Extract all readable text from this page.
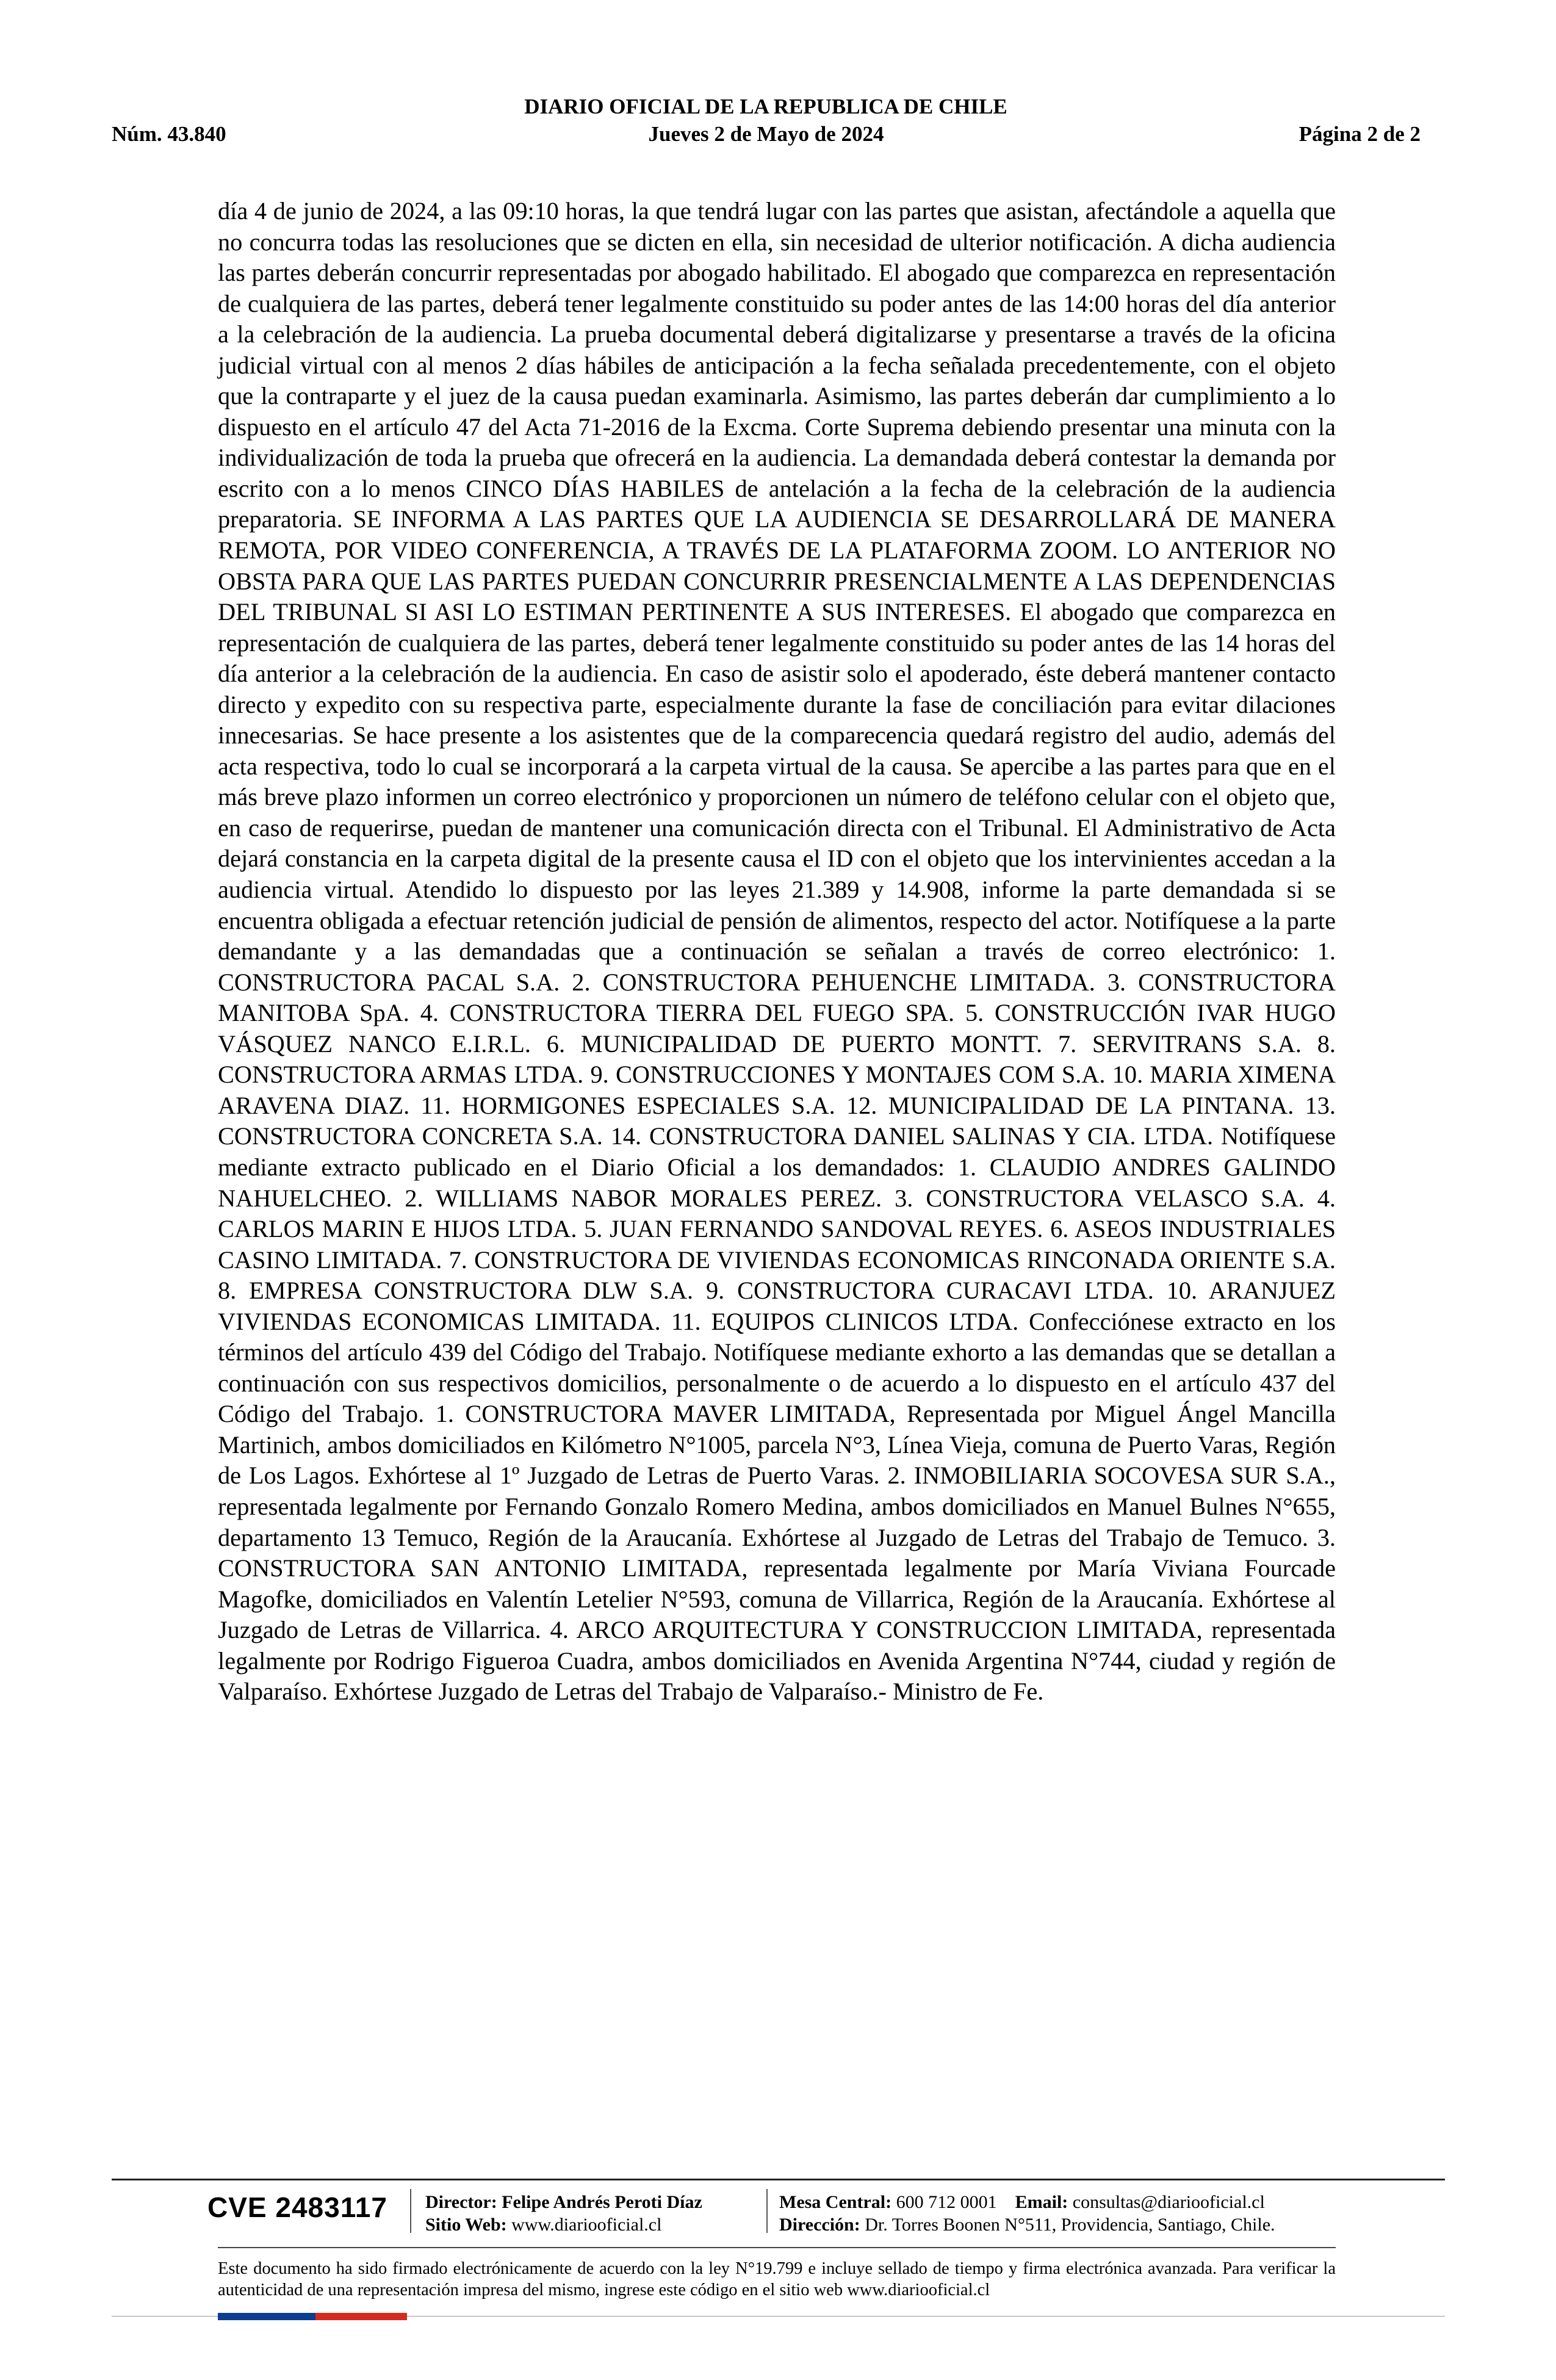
DIARIO OFICIAL DE LA REPUBLICA DE CHILE
Jueves 2 de Mayo de 2024
Núm. 43.840	Página 2 de 2

día 4 de junio de 2024, a las 09:10 horas, la que tendrá lugar con las partes que asistan, afectándole a aquella que no concurra todas las resoluciones que se dicten en ella, sin necesidad de ulterior notificación. A dicha audiencia las partes deberán concurrir representadas por abogado habilitado. El abogado que comparezca en representación de cualquiera de las partes, deberá tener legalmente constituido su poder antes de las 14:00 horas del día anterior a la celebración de la audiencia. La prueba documental deberá digitalizarse y presentarse a través de la oficina judicial virtual con al menos 2 días hábiles de anticipación a la fecha señalada precedentemente, con el objeto que la contraparte y el juez de la causa puedan examinarla. Asimismo, las partes deberán dar cumplimiento a lo dispuesto en el artículo 47 del Acta 71-2016 de la Excma. Corte Suprema debiendo presentar una minuta con la individualización de toda la prueba que ofrecerá en la audiencia. La demandada deberá contestar la demanda por escrito con a lo menos CINCO DÍAS HABILES de antelación a la fecha de la celebración de la audiencia preparatoria. SE INFORMA A LAS PARTES QUE LA AUDIENCIA SE DESARROLLARÁ DE MANERA REMOTA, POR VIDEO CONFERENCIA, A TRAVÉS DE LA PLATAFORMA ZOOM. LO ANTERIOR NO OBSTA PARA QUE LAS PARTES PUEDAN CONCURRIR PRESENCIALMENTE A LAS DEPENDENCIAS DEL TRIBUNAL SI ASI LO ESTIMAN PERTINENTE A SUS INTERESES. El abogado que comparezca en representación de cualquiera de las partes, deberá tener legalmente constituido su poder antes de las 14 horas del día anterior a la celebración de la audiencia. En caso de asistir solo el apoderado, éste deberá mantener contacto directo y expedito con su respectiva parte, especialmente durante la fase de conciliación para evitar dilaciones innecesarias. Se hace presente a los asistentes que de la comparecencia quedará registro del audio, además del acta respectiva, todo lo cual se incorporará a la carpeta virtual de la causa. Se apercibe a las partes para que en el más breve plazo informen un correo electrónico y proporcionen un número de teléfono celular con el objeto que, en caso de requerirse, puedan de mantener una comunicación directa con el Tribunal. El Administrativo de Acta dejará constancia en la carpeta digital de la presente causa el ID con el objeto que los intervinientes accedan a la audiencia virtual. Atendido lo dispuesto por las leyes 21.389 y 14.908, informe la parte demandada si se encuentra obligada a efectuar retención judicial de pensión de alimentos, respecto del actor. Notifíquese a la parte demandante y a las demandadas que a continuación se señalan a través de correo electrónico: 1. CONSTRUCTORA PACAL S.A. 2. CONSTRUCTORA PEHUENCHE LIMITADA. 3. CONSTRUCTORA MANITOBA SpA. 4. CONSTRUCTORA TIERRA DEL FUEGO SPA. 5. CONSTRUCCIÓN IVAR HUGO VÁSQUEZ NANCO E.I.R.L. 6. MUNICIPALIDAD DE PUERTO MONTT. 7. SERVITRANS S.A. 8. CONSTRUCTORA ARMAS LTDA. 9. CONSTRUCCIONES Y MONTAJES COM S.A. 10. MARIA XIMENA ARAVENA DIAZ. 11. HORMIGONES ESPECIALES S.A. 12. MUNICIPALIDAD DE LA PINTANA. 13. CONSTRUCTORA CONCRETA S.A. 14. CONSTRUCTORA DANIEL SALINAS Y CIA. LTDA. Notifíquese mediante extracto publicado en el Diario Oficial a los demandados: 1. CLAUDIO ANDRES GALINDO NAHUELCHEO. 2. WILLIAMS NABOR MORALES PEREZ. 3. CONSTRUCTORA VELASCO S.A. 4. CARLOS MARIN E HIJOS LTDA. 5. JUAN FERNANDO SANDOVAL REYES. 6. ASEOS INDUSTRIALES CASINO LIMITADA. 7. CONSTRUCTORA DE VIVIENDAS ECONOMICAS RINCONADA ORIENTE S.A. 8. EMPRESA CONSTRUCTORA DLW S.A. 9. CONSTRUCTORA CURACAVI LTDA. 10. ARANJUEZ VIVIENDAS ECONOMICAS LIMITADA. 11. EQUIPOS CLINICOS LTDA. Confecciónese extracto en los términos del artículo 439 del Código del Trabajo. Notifíquese mediante exhorto a las demandas que se detallan a continuación con sus respectivos domicilios, personalmente o de acuerdo a lo dispuesto en el artículo 437 del Código del Trabajo. 1. CONSTRUCTORA MAVER LIMITADA, Representada por Miguel Ángel Mancilla Martinich, ambos domiciliados en Kilómetro N°1005, parcela N°3, Línea Vieja, comuna de Puerto Varas, Región de Los Lagos. Exhórtese al 1º Juzgado de Letras de Puerto Varas. 2. INMOBILIARIA SOCOVESA SUR S.A., representada legalmente por Fernando Gonzalo Romero Medina, ambos domiciliados en Manuel Bulnes N°655, departamento 13 Temuco, Región de la Araucanía. Exhórtese al Juzgado de Letras del Trabajo de Temuco. 3. CONSTRUCTORA SAN ANTONIO LIMITADA, representada legalmente por María Viviana Fourcade Magofke, domiciliados en Valentín Letelier N°593, comuna de Villarrica, Región de la Araucanía. Exhórtese al Juzgado de Letras de Villarrica. 4. ARCO ARQUITECTURA Y CONSTRUCCION LIMITADA, representada legalmente por Rodrigo Figueroa Cuadra, ambos domiciliados en Avenida Argentina N°744, ciudad y región de Valparaíso. Exhórtese Juzgado de Letras del Trabajo de Valparaíso.- Ministro de Fe.

CVE 2483117 Director: Felipe Andrés Peroti Díaz
Sitio Web: www.diariooficial.cl
Mesa Central: 600 712 0001 Email: consultas@diariooficial.cl
Dirección: Dr. Torres Boonen N°511, Providencia, Santiago, Chile.
Este documento ha sido firmado electrónicamente de acuerdo con la ley N°19.799 e incluye sellado de tiempo y firma electrónica avanzada. Para verificar la autenticidad de una representación impresa del mismo, ingrese este código en el sitio web www.diariooficial.cl
